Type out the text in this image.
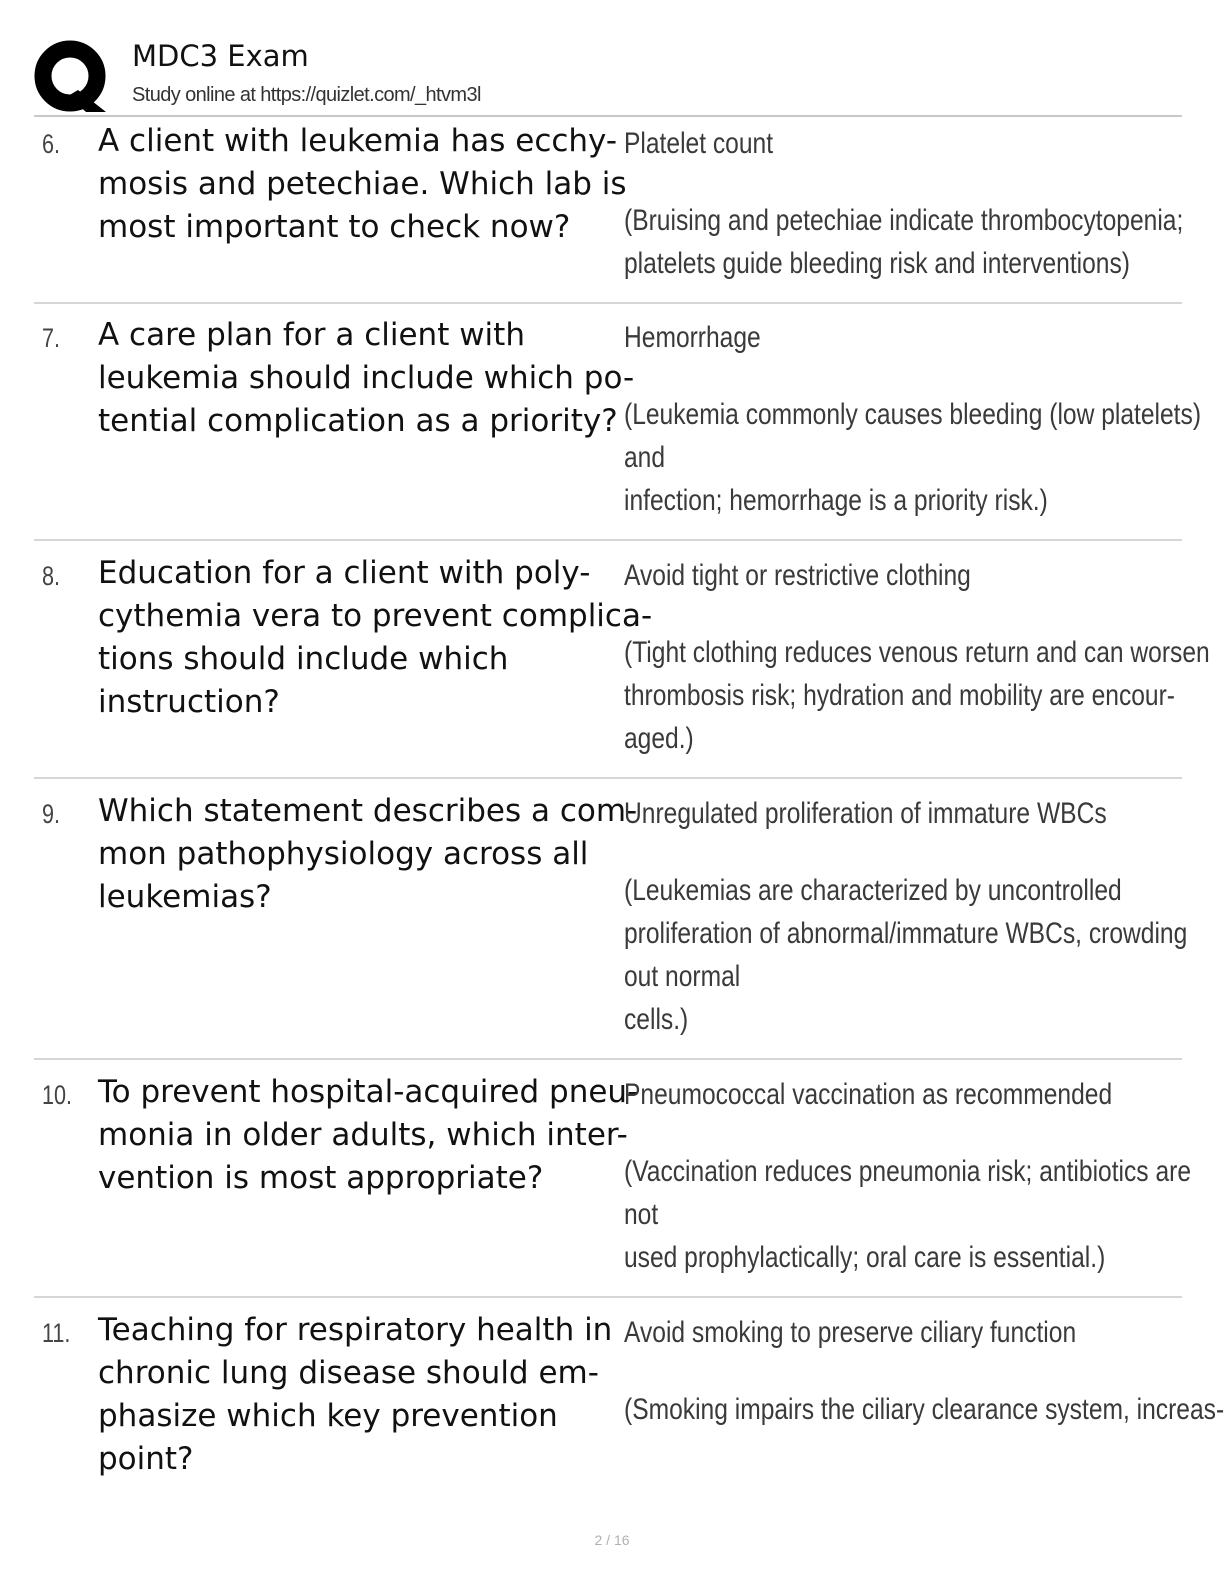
MDC3 Exam
Study online at https://quizlet.com/_htvm3l
6. A client with leukemia has ecchy-
mosis and petechiae. Which lab is
most important to check now?
Platelet count
(Bruising and petechiae indicate thrombocytopenia;
platelets guide bleeding risk and interventions)
7. A care plan for a client with
leukemia should include which po-
tential complication as a priority?
Hemorrhage
(Leukemia commonly causes bleeding (low platelets)
and
infection; hemorrhage is a priority risk.)
8. Education for a client with poly-
cythemia vera to prevent complica-
tions should include which
instruction?
Avoid tight or restrictive clothing
(Tight clothing reduces venous return and can worsen
thrombosis risk; hydration and mobility are encour-
aged.)
9. Which statement describes a com-
mon pathophysiology across all
leukemias?
Unregulated proliferation of immature WBCs
(Leukemias are characterized by uncontrolled
proliferation of abnormal/immature WBCs, crowding
out normal
cells.)
10. To prevent hospital-acquired pneu-
monia in older adults, which inter-
vention is most appropriate?
Pneumococcal vaccination as recommended
(Vaccination reduces pneumonia risk; antibiotics are
not
used prophylactically; oral care is essential.)
11. Teaching for respiratory health in
chronic lung disease should em-
phasize which key prevention
point?
Avoid smoking to preserve ciliary function
(Smoking impairs the ciliary clearance system, increas-
2 / 16
